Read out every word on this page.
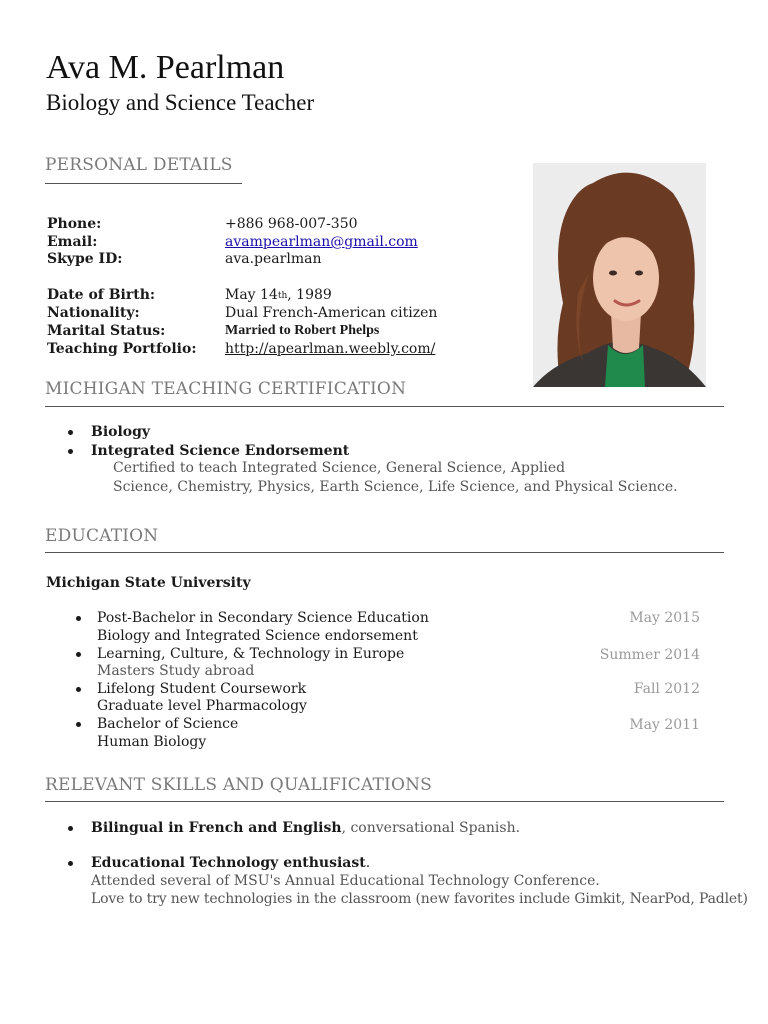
Ava M. Pearlman
Biology and Science Teacher
PERSONAL DETAILS
Phone:	+886 968-007-350
Email:	avampearlman@gmail.com
Skype ID:	ava.pearlman
Date of Birth:	May 14th, 1989
Nationality:	Dual French-American citizen
Marital Status:	Married to Robert Phelps
Teaching Portfolio: http://apearlman.weebly.com/
MICHIGAN TEACHING CERTIFICATION
Biology
Integrated Science Endorsement
Certified to teach Integrated Science, General Science, Applied
Science, Chemistry, Physics, Earth Science, Life Science, and Physical Science.
EDUCATION
Michigan State University
Post-Bachelor in Secondary Science Education
Biology and Integrated Science endorsement
May 2015
Learning, Culture, & Technology in Europe
Masters Study abroad
Summer 2014
Lifelong Student Coursework
Graduate level Pharmacology
Fall 2012
Bachelor of Science
Human Biology
May 2011
RELEVANT SKILLS AND QUALIFICATIONS
Bilingual in French and English, conversational Spanish.
Educational Technology enthusiast.
Attended several of MSU's Annual Educational Technology Conference.
Love to try new technologies in the classroom (new favorites include Gimkit, NearPod, Padlet)
